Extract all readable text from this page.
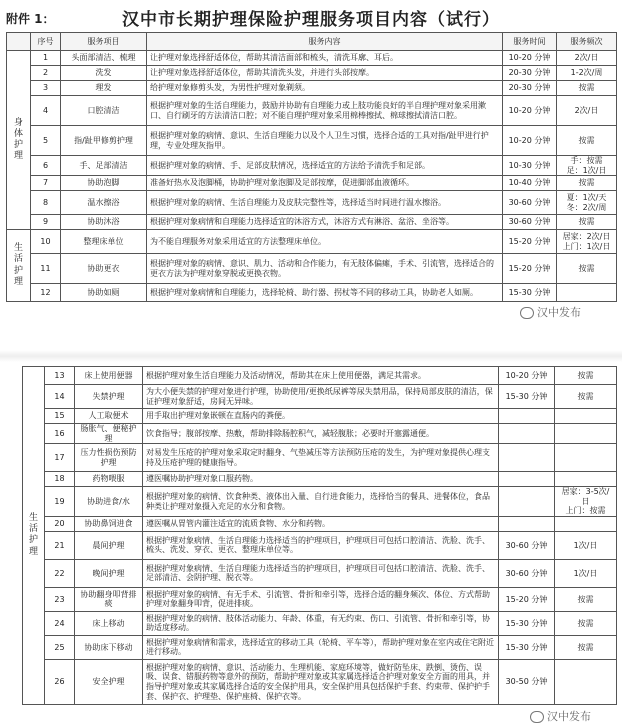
附件 1：	汉中市长期护理保险护理服务项目内容（试行）
	序号	服务项目	服务内容	服务时间	服务频次
身
体
护
理	1	头面部清洁、梳理	让护理对象选择舒适体位，帮助其清洁面部和梳头，清洗耳廓、耳后。	10-20 分钟	2次/日
	2	洗发	让护理对象选择舒适体位，帮助其清洗头发，并进行头部按摩。	20-30 分钟	1-2次/周
	3	理发	给护理对象修剪头发，为男性护理对象剃须。	20-30 分钟	按需
	4	口腔清洁	根据护理对象的生活自理能力，鼓励并协助有自理能力或上肢功能良好的半自理护理对象采用漱口、自行刷牙的方法清洁口腔；对不能自理护理对象采用棉棒擦拭、棉球擦拭清洁口腔。	10-20 分钟	2次/日
	5	指/趾甲修剪护理	根据护理对象的病情、意识、生活自理能力以及个人卫生习惯，选择合适的工具对指/趾甲进行护理，专业处理灰指甲。	10-20 分钟	按需
	6	手、足部清洁	根据护理对象的病情、手、足部皮肤情况，选择适宜的方法给予清洗手和足部。	10-30 分钟	手：按需
足：1次/日
	7	协助泡脚	准备好热水及泡脚桶，协助护理对象泡脚及足部按摩，促进脚部血液循环。	10-40 分钟	按需
	8	温水擦浴	根据护理对象的病情、生活自理能力及皮肤完整性等，选择适当时间进行温水擦浴。	30-60 分钟	夏：1次/天
冬：2次/周
	9	协助沐浴	根据护理对象病情和自理能力选择适宜的沐浴方式，沐浴方式有淋浴、盆浴、坐浴等。	30-60 分钟	按需
生
活
护
理	10	整理床单位	为不能自理服务对象采用适宜的方法整理床单位。	15-20 分钟	居家：2次/日
上门：1次/日
	11	协助更衣	根据护理对象的病情、意识、肌力、活动和合作能力，有无肢体偏瘫，手术、引流管，选择适合的更衣方法为护理对象穿脱或更换衣物。	15-20 分钟	按需
	12	协助如厕	根据护理对象病情和自理能力，选择轮椅、助行器、拐杖等不同的移动工具，协助老人如厕。	15-30 分钟	
生
活
护
理	13	床上使用便器	根据护理对象生活自理能力及活动情况，帮助其在床上使用便器，满足其需求。	10-20 分钟	按需
	14	失禁护理	为大小便失禁的护理对象进行护理，协助使用/更换纸尿裤等尿失禁用品，保持局部皮肤的清洁，保证护理对象舒适，房间无异味。	15-30 分钟	按需
	15	人工取便术	用手取出护理对象嵌顿在直肠内的粪便。		
	16	肠胀气、便秘护理	饮食指导；腹部按摩、热敷，帮助排除肠腔积气，减轻腹胀；必要时开塞露通便。		
	17	压力性损伤预防护理	对易发生压疮的护理对象采取定时翻身、气垫减压等方法预防压疮的发生，为护理对象提供心理支持及压疮护理的健康指导。		
	18	药物喂服	遵医嘱协助护理对象口服药物。		
	19	协助进食/水	根据护理对象的病情、饮食种类、液体出入量、自行进食能力，选择恰当的餐具、进餐体位，食品种类让护理对象摄入充足的水分和食物。		居家：3-5次/日
上门：按需
	20	协助鼻饲进食	遵医嘱从胃管内灌注适宜的流质食物、水分和药物。		
	21	晨间护理	根据护理对象病情、生活自理能力选择适当的护理项目，护理项目可包括口腔清洁、洗脸、洗手、梳头、洗发、穿衣、更衣、整理床单位等。	30-60 分钟	1次/日
	22	晚间护理	根据护理对象病情、生活自理能力选择适当的护理项目，护理项目可包括口腔清洁、洗脸、洗手、足部清洁、会阴护理、脱衣等。	30-60 分钟	1次/日
	23	协助翻身叩背排痰	根据护理对象的病情、有无手术、引流管、骨折和牵引等，选择合适的翻身频次、体位、方式帮助护理对象翻身叩背，促进排痰。	15-20 分钟	按需
	24	床上移动	根据护理对象的病情、肢体活动能力、年龄、体重，有无约束、伤口、引流管、骨折和牵引等，协助适度移动。	15-30 分钟	按需
	25	协助床下移动	根据护理对象病情和需求，选择适宜的移动工具（轮椅、平车等），帮助护理对象在室内或住宅附近进行移动。	15-30 分钟	按需
	26	安全护理	根据护理对象的病情、意识、活动能力、生理机能、家庭环境等，做好防坠床、跌倒、烫伤、误吸、误食、错服药物等意外的预防，帮助护理对象或其家属选择适合护理对象安全方面的用具，并指导护理对象或其家属选择合适的安全保护用具，安全保护用具包括保护手套、约束带、保护护手套、保护衣、护理垫、保护座椅、保护衣等。	30-50 分钟	
汉中发布
汉中发布
